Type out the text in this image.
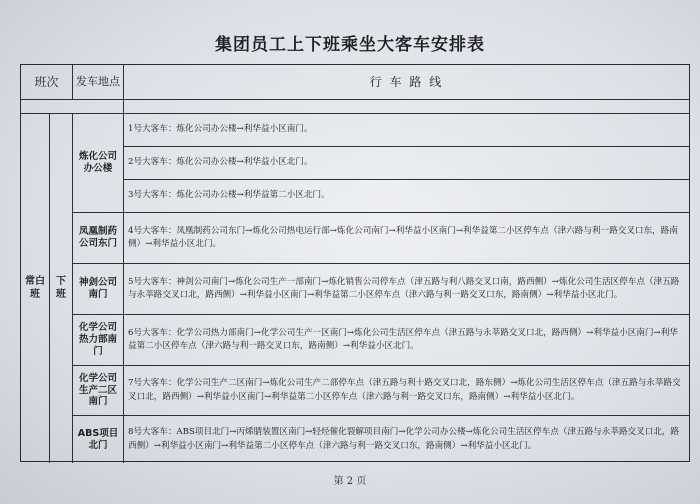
集团员工上下班乘坐大客车安排表
班次	发车地点	行 车 路 线
常白班
下班
炼化公司办公楼
凤凰制药公司东门
神剑公司南门
化学公司热力部南门
化学公司生产二区南门
ABS项目北门
1号大客车：炼化公司办公楼→利华益小区南门。
2号大客车：炼化公司办公楼→利华益小区北门。
3号大客车：炼化公司办公楼→利华益第二小区北门。
4号大客车：凤凰制药公司东门→炼化公司热电运行部→炼化公司南门→利华益小区南门→利华益第二小区停车点（津六路与利一路交叉口东，路南侧）→利华益小区北门。
5号大客车：神剑公司南门→炼化公司生产一部南门→炼化销售公司停车点（津五路与利八路交叉口南，路西侧）→炼化公司生活区停车点（津五路与永莘路交叉口北，路西侧）→利华益小区南门→利华益第二小区停车点（津六路与利一路交叉口东，路南侧）→利华益小区北门。
6号大客车：化学公司热力部南门→化学公司生产一区南门→炼化公司生活区停车点（津五路与永莘路交叉口北，路西侧）→利华益小区南门→利华益第二小区停车点（津六路与利一路交叉口东，路南侧）→利华益小区北门。
7号大客车：化学公司生产二区南门→炼化公司生产二部停车点（津五路与利十路交叉口北，路东侧）→炼化公司生活区停车点（津五路与永莘路交叉口北，路西侧）→利华益小区南门→利华益第二小区停车点（津六路与利一路交叉口东，路南侧）→利华益小区北门。
8号大客车：ABS项目北门→丙烯腈装置区南门→轻烃催化裂解项目南门→化学公司办公楼→炼化公司生活区停车点（津五路与永莘路交叉口北，路西侧）→利华益小区南门→利华益第二小区停车点（津六路与利一路交叉口东，路南侧）→利华益小区北门。
第 2 页
